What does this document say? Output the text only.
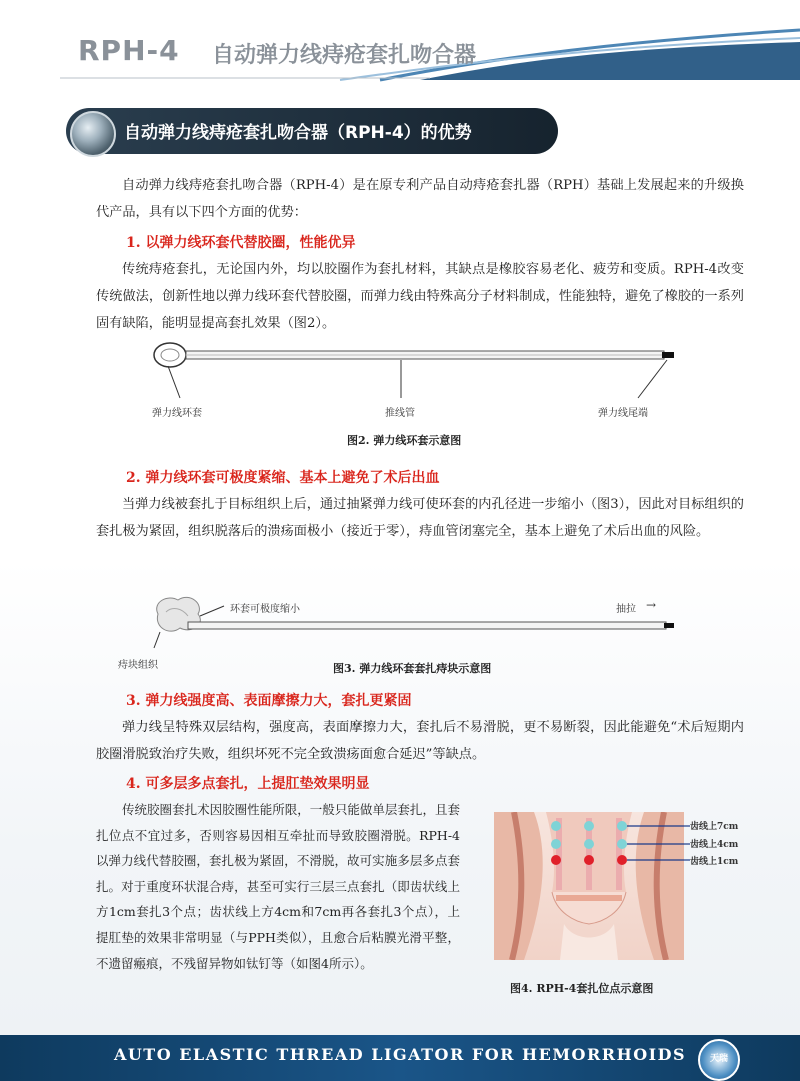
RPH-4 自动弹力线痔疮套扎吻合器
自动弹力线痔疮套扎吻合器（RPH-4）的优势

自动弹力线痔疮套扎吻合器（RPH-4）是在原专利产品自动痔疮套扎器（RPH）基础上发展起来的升级换代产品，具有以下四个方面的优势：

1. 以弹力线环套代替胶圈，性能优异

传统痔疮套扎，无论国内外，均以胶圈作为套扎材料，其缺点是橡胶容易老化、疲劳和变质。RPH-4改变传统做法，创新性地以弹力线环套代替胶圈，而弹力线由特殊高分子材料制成，性能独特，避免了橡胶的一系列固有缺陷，能明显提高套扎效果（图2）。

弹力线环套	推线管	弹力线尾端
图2. 弹力线环套示意图
2. 弹力线环套可极度紧缩、基本上避免了术后出血

当弹力线被套扎于目标组织上后，通过抽紧弹力线可使环套的内孔径进一步缩小（图3），因此对目标组织的套扎极为紧固，组织脱落后的溃疡面极小（接近于零），痔血管闭塞完全，基本上避免了术后出血的风险。

环套可极度缩小	抽拉 →
痔块组织	图3. 弹力线环套套扎痔块示意图
3. 弹力线强度高、表面摩擦力大，套扎更紧固

弹力线呈特殊双层结构，强度高，表面摩擦力大，套扎后不易滑脱，更不易断裂，因此能避免“术后短期内胶圈滑脱致治疗失败，组织坏死不完全致溃疡面愈合延迟”等缺点。

4. 可多层多点套扎，上提肛垫效果明显

传统胶圈套扎术因胶圈性能所限，一般只能做单层套扎，且套扎位点不宜过多，否则容易因相互牵扯而导致胶圈滑脱。RPH-4以弹力线代替胶圈，套扎极为紧固，不滑脱，故可实施多层多点套扎。对于重度环状混合痔，甚至可实行三层三点套扎（即齿状线上方1cm套扎3个点；齿状线上方4cm和7cm再各套扎3个点），上提肛垫的效果非常明显（与PPH类似），且愈合后粘膜光滑平整，不遗留瘢痕，不残留异物如钛钉等（如图4所示）。

齿线上7cm
齿线上4cm
齿线上1cm
图4. RPH-4套扎位点示意图
AUTO ELASTIC THREAD LIGATOR FOR HEMORRHOIDS	天瑞
